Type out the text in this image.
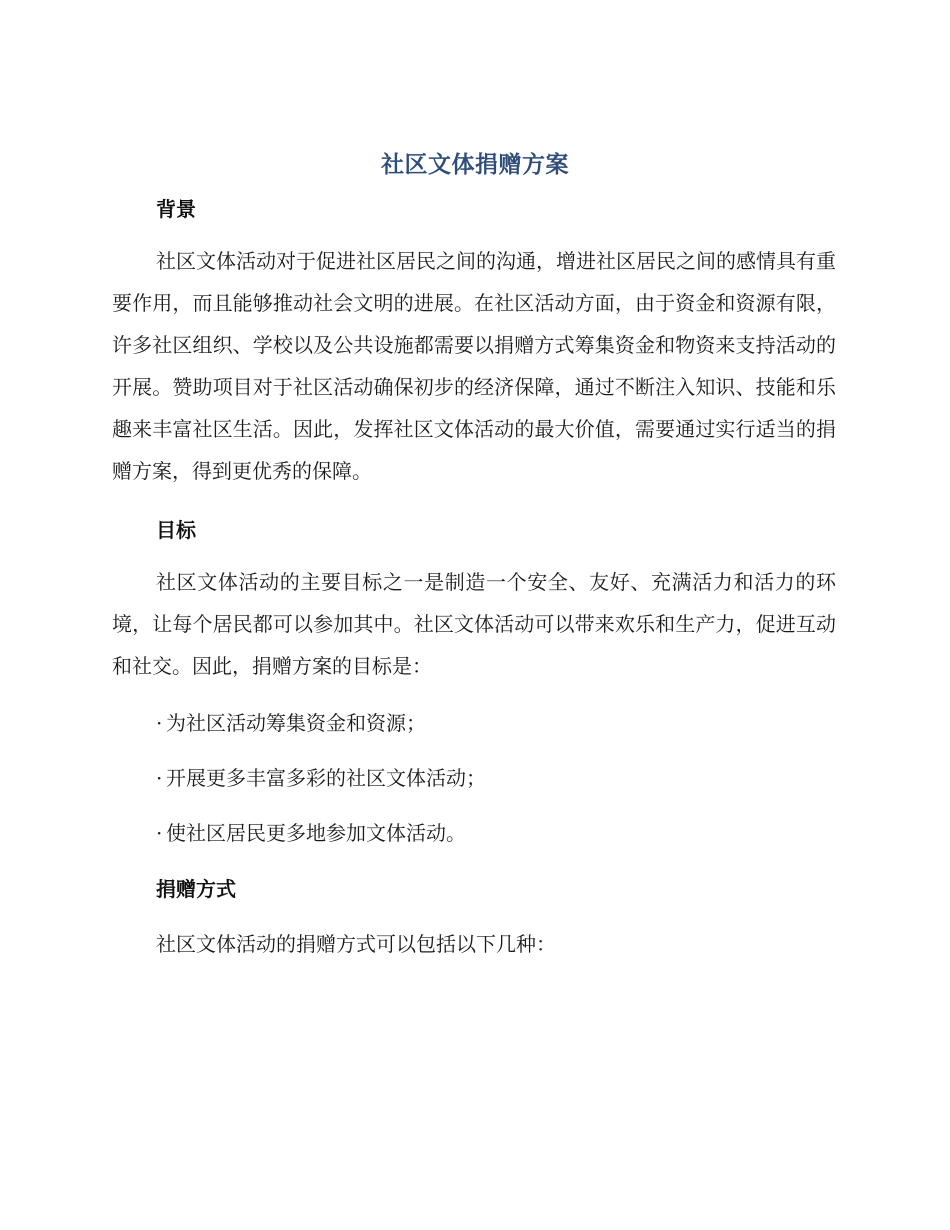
社区文体捐赠方案
背景

社区文体活动对于促进社区居民之间的沟通，增进社区居民之间的感情具有重要作用，而且能够推动社会文明的进展。在社区活动方面，由于资金和资源有限，许多社区组织、学校以及公共设施都需要以捐赠方式筹集资金和物资来支持活动的开展。赞助项目对于社区活动确保初步的经济保障，通过不断注入知识、技能和乐趣来丰富社区生活。因此，发挥社区文体活动的最大价值，需要通过实行适当的捐赠方案，得到更优秀的保障。

目标

社区文体活动的主要目标之一是制造一个安全、友好、充满活力和活力的环境，让每个居民都可以参加其中。社区文体活动可以带来欢乐和生产力，促进互动和社交。因此，捐赠方案的目标是：

· 为社区活动筹集资金和资源；
· 开展更多丰富多彩的社区文体活动；
· 使社区居民更多地参加文体活动。
捐赠方式
社区文体活动的捐赠方式可以包括以下几种：
